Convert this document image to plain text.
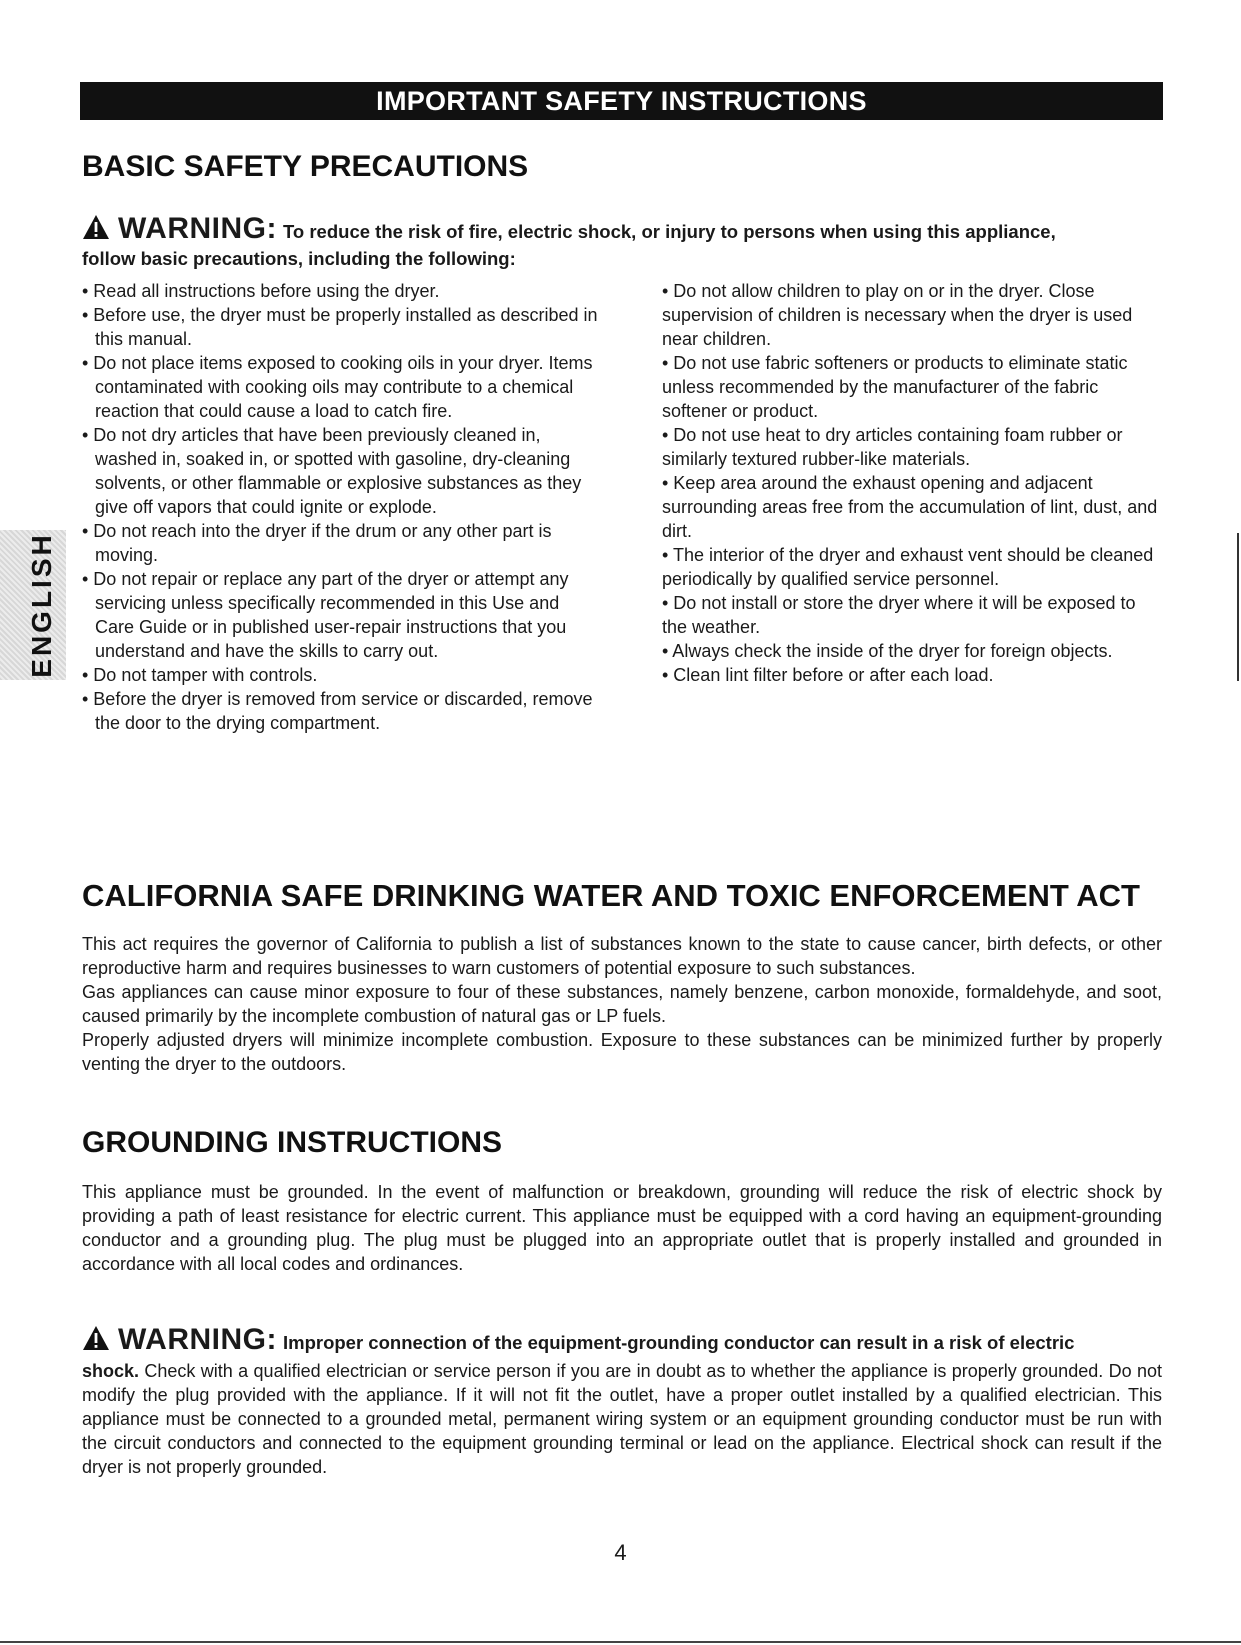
IMPORTANT SAFETY INSTRUCTIONS
ENGLISH
BASIC SAFETY PRECAUTIONS
WARNING: To reduce the risk of fire, electric shock, or injury to persons when using this appliance,
follow basic precautions, including the following:
• Read all instructions before using the dryer.
• Before use, the dryer must be properly installed as described in this manual.
• Do not place items exposed to cooking oils in your dryer. Items contaminated with cooking oils may contribute to a chemical reaction that could cause a load to catch fire.
• Do not dry articles that have been previously cleaned in, washed in, soaked in, or spotted with gasoline, dry-cleaning solvents, or other flammable or explosive substances as they give off vapors that could ignite or explode.
• Do not reach into the dryer if the drum or any other part is moving.
• Do not repair or replace any part of the dryer or attempt any servicing unless specifically recommended in this Use and Care Guide or in published user-repair instructions that you understand and have the skills to carry out.
• Do not tamper with controls.
• Before the dryer is removed from service or discarded, remove the door to the drying compartment.
• Do not allow children to play on or in the dryer. Close supervision of children is necessary when the dryer is used near children.
• Do not use fabric softeners or products to eliminate static unless recommended by the manufacturer of the fabric softener or product.
• Do not use heat to dry articles containing foam rubber or similarly textured rubber-like materials.
• Keep area around the exhaust opening and adjacent surrounding areas free from the accumulation of lint, dust, and dirt.
• The interior of the dryer and exhaust vent should be cleaned periodically by qualified service personnel.
• Do not install or store the dryer where it will be exposed to the weather.
• Always check the inside of the dryer for foreign objects.
• Clean lint filter before or after each load.
CALIFORNIA SAFE DRINKING WATER AND TOXIC ENFORCEMENT ACT
This act requires the governor of California to publish a list of substances known to the state to cause cancer, birth defects, or other reproductive harm and requires businesses to warn customers of potential exposure to such substances.
Gas appliances can cause minor exposure to four of these substances, namely benzene, carbon monoxide, formaldehyde, and soot, caused primarily by the incomplete combustion of natural gas or LP fuels.
Properly adjusted dryers will minimize incomplete combustion. Exposure to these substances can be minimized further by properly venting the dryer to the outdoors.
GROUNDING INSTRUCTIONS
This appliance must be grounded. In the event of malfunction or breakdown, grounding will reduce the risk of electric shock by providing a path of least resistance for electric current. This appliance must be equipped with a cord having an equipment-grounding conductor and a grounding plug. The plug must be plugged into an appropriate outlet that is properly installed and grounded in accordance with all local codes and ordinances.
WARNING: Improper connection of the equipment-grounding conductor can result in a risk of electric
shock. Check with a qualified electrician or service person if you are in doubt as to whether the appliance is properly grounded. Do not modify the plug provided with the appliance. If it will not fit the outlet, have a proper outlet installed by a qualified electrician. This appliance must be connected to a grounded metal, permanent wiring system or an equipment grounding conductor must be run with the circuit conductors and connected to the equipment grounding terminal or lead on the appliance. Electrical shock can result if the dryer is not properly grounded.
4
